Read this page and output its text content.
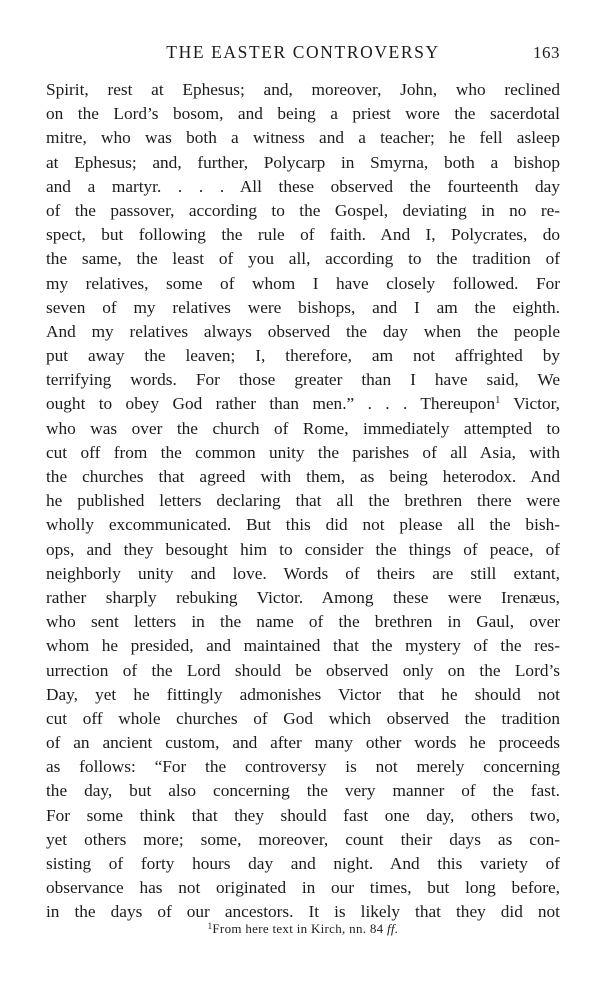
THE EASTER CONTROVERSY	163
Spirit, rest at Ephesus; and, moreover, John, who reclined
on the Lord’s bosom, and being a priest wore the sacerdotal
mitre, who was both a witness and a teacher; he fell asleep
at Ephesus; and, further, Polycarp in Smyrna, both a bishop
and a martyr. . . . All these observed the fourteenth day
of the passover, according to the Gospel, deviating in no re-
spect, but following the rule of faith. And I, Polycrates, do
the same, the least of you all, according to the tradition of
my relatives, some of whom I have closely followed. For
seven of my relatives were bishops, and I am the eighth.
And my relatives always observed the day when the people
put away the leaven; I, therefore, am not affrighted by
terrifying words. For those greater than I have said, We
ought to obey God rather than men.” . . . Thereupon$^1$ Victor,
who was over the church of Rome, immediately attempted to
cut off from the common unity the parishes of all Asia, with
the churches that agreed with them, as being heterodox. And
he published letters declaring that all the brethren there were
wholly excommunicated. But this did not please all the bish-
ops, and they besought him to consider the things of peace, of
neighborly unity and love. Words of theirs are still extant,
rather sharply rebuking Victor. Among these were Irenæus,
who sent letters in the name of the brethren in Gaul, over
whom he presided, and maintained that the mystery of the res-
urrection of the Lord should be observed only on the Lord’s
Day, yet he fittingly admonishes Victor that he should not
cut off whole churches of God which observed the tradition
of an ancient custom, and after many other words he proceeds
as follows: “For the controversy is not merely concerning
the day, but also concerning the very manner of the fast.
For some think that they should fast one day, others two,
yet others more; some, moreover, count their days as con-
sisting of forty hours day and night. And this variety of
observance has not originated in our times, but long before,
in the days of our ancestors. It is likely that they did not
$^1$From here text in Kirch, nn. 84 ff.
